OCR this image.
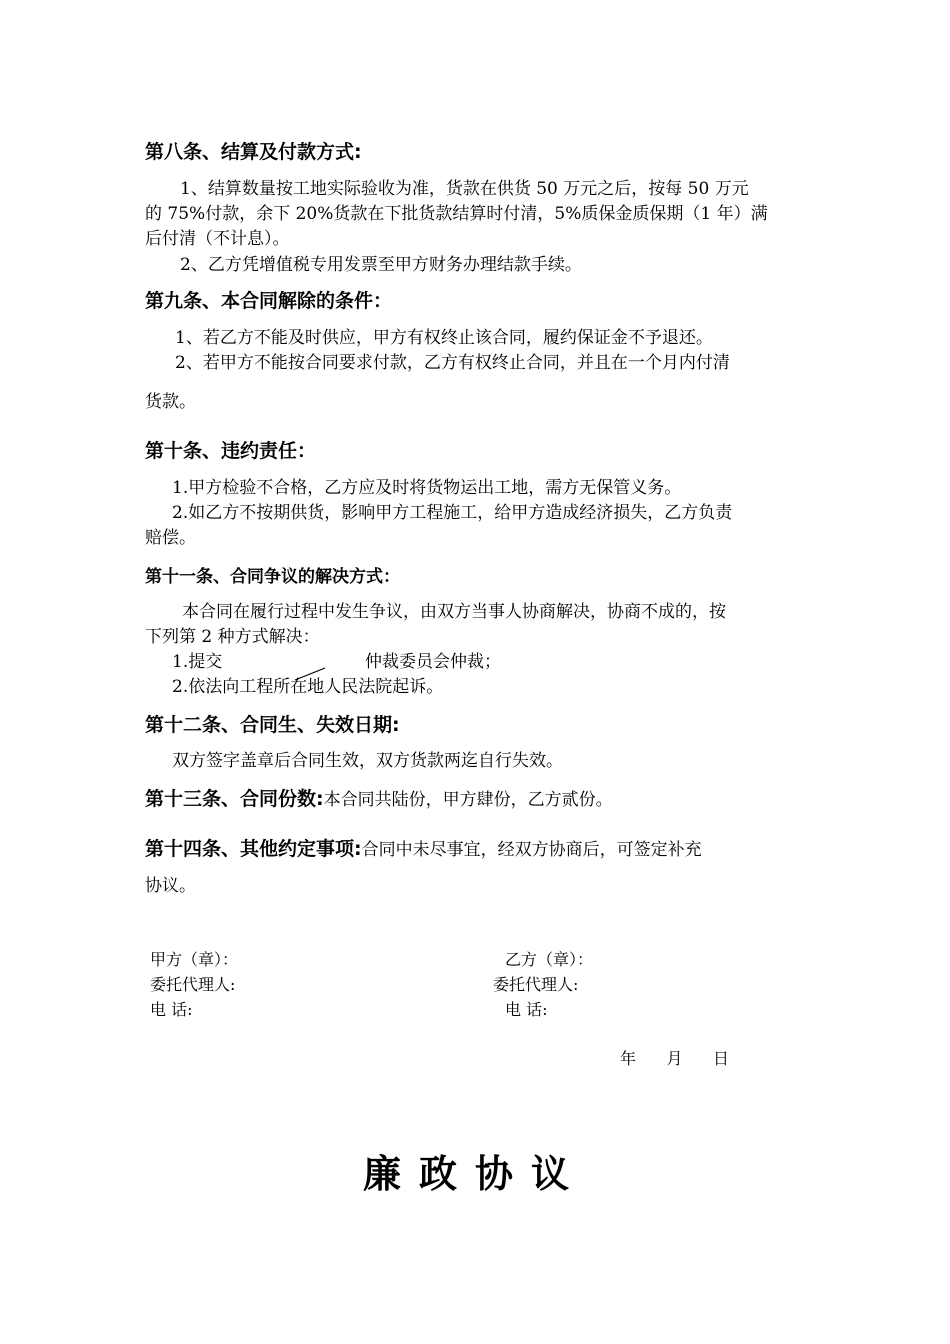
第八条、结算及付款方式:
1、结算数量按工地实际验收为准，货款在供货 50 万元之后，按每 50 万元
的 75%付款，余下 20%货款在下批货款结算时付清，5%质保金质保期（1 年）满
后付清（不计息）。
2、乙方凭增值税专用发票至甲方财务办理结款手续。
第九条、本合同解除的条件：
1、若乙方不能及时供应，甲方有权终止该合同，履约保证金不予退还。
2、若甲方不能按合同要求付款，乙方有权终止合同，并且在一个月内付清
货款。
第十条、违约责任：
1.甲方检验不合格，乙方应及时将货物运出工地，需方无保管义务。
2.如乙方不按期供货，影响甲方工程施工，给甲方造成经济损失，乙方负责
赔偿。
第十一条、合同争议的解决方式：
本合同在履行过程中发生争议，由双方当事人协商解决，协商不成的，按
下列第 2 种方式解决：
1.提交	仲裁委员会仲裁；
2.依法向工程所在地人民法院起诉。
第十二条、合同生、失效日期:
双方签字盖章后合同生效，双方货款两迄自行失效。
第十三条、合同份数:本合同共陆份，甲方肆份，乙方贰份。
第十四条、其他约定事项:合同中未尽事宜，经双方协商后，可签定补充
协议。
甲方（章）：
委托代理人:
电 话:
乙方（章）：
委托代理人:
电 话:
年      月      日
廉政协议
